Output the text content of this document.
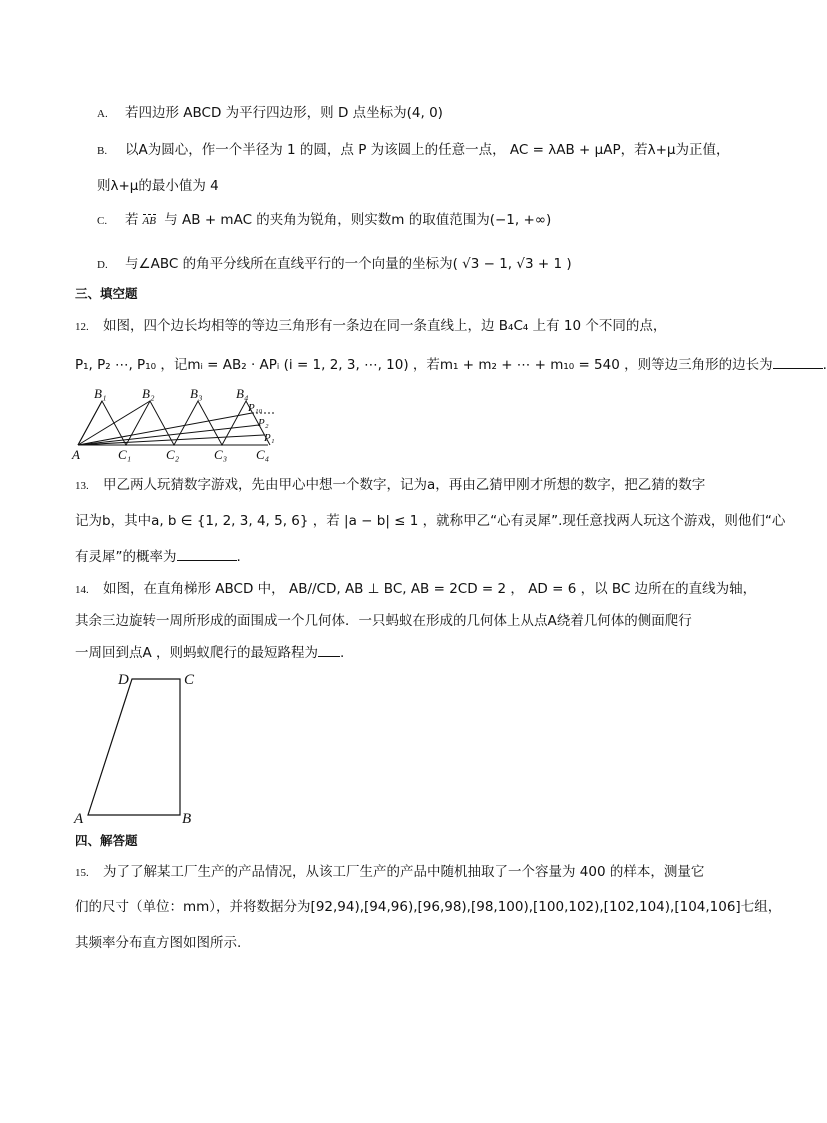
A. 若四边形 ABCD 为平行四边形，则 D 点坐标为(4, 0)
B. 以A为圆心，作一个半径为 1 的圆，点 P 为该圆上的任意一点， AC = λAB + μAP，若λ+μ为正值，
则λ+μ的最小值为 4
C. 若 AB 与 AB + mAC 的夹角为锐角，则实数m 的取值范围为(−1, +∞)
D. 与∠ABC 的角平分线所在直线平行的一个向量的坐标为( √3 − 1, √3 + 1 )
三、填空题
12. 如图，四个边长均相等的等边三角形有一条边在同一条直线上，边 B₄C₄ 上有 10 个不同的点，
P₁, P₂ ⋯, P₁₀ ，记mᵢ = AB₂ · APᵢ (i = 1, 2, 3, ⋯, 10) ，若m₁ + m₂ + ⋯ + m₁₀ = 540 ，则等边三角形的边长为	.
B₁	B₂	B₃	B₄
P₁₀
P₂
P₁
A	C₁	C₂	C₃ C₄
13. 甲乙两人玩猜数字游戏，先由甲心中想一个数字，记为a，再由乙猜甲刚才所想的数字，把乙猜的数字
记为b，其中a, b ∈ {1, 2, 3, 4, 5, 6} ，若 |a − b| ≤ 1 ，就称甲乙“心有灵犀”.现任意找两人玩这个游戏，则他们“心
有灵犀”的概率为	.
14. 如图，在直角梯形 ABCD 中， AB//CD, AB ⊥ BC, AB = 2CD = 2 ， AD = 6 ，以 BC 边所在的直线为轴，
其余三边旋转一周所形成的面围成一个几何体．一只蚂蚁在形成的几何体上从点A绕着几何体的侧面爬行
一周回到点A ，则蚂蚁爬行的最短路程为 .
D	C
A	B
四、解答题
15. 为了了解某工厂生产的产品情况，从该工厂生产的产品中随机抽取了一个容量为 400 的样本，测量它
们的尺寸（单位：mm），并将数据分为[92,94),[94,96),[96,98),[98,100),[100,102),[102,104),[104,106]七组，
其频率分布直方图如图所示.
